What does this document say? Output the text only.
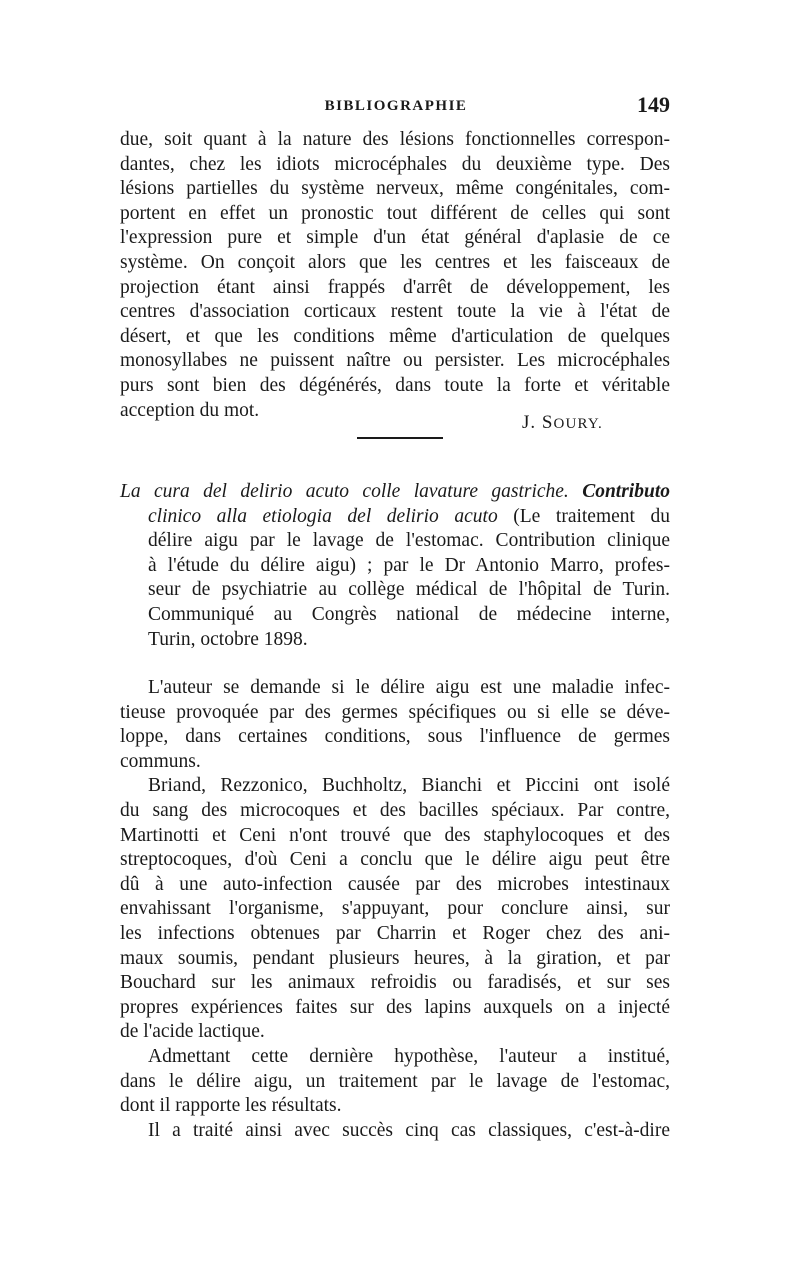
BIBLIOGRAPHIE	149
due, soit quant à la nature des lésions fonctionnelles correspon-
dantes, chez les idiots microcéphales du deuxième type. Des
lésions partielles du système nerveux, même congénitales, com-
portent en effet un pronostic tout différent de celles qui sont
l'expression pure et simple d'un état général d'aplasie de ce
système. On conçoit alors que les centres et les faisceaux de
projection étant ainsi frappés d'arrêt de développement, les
centres d'association corticaux restent toute la vie à l'état de
désert, et que les conditions même d'articulation de quelques
monosyllabes ne puissent naître ou persister. Les microcéphales
purs sont bien des dégénérés, dans toute la forte et véritable
acception du mot.
J. SOURY.
La cura del delirio acuto colle lavature gastriche. Contributo
clinico alla etiologia del delirio acuto (Le traitement du
délire aigu par le lavage de l'estomac. Contribution clinique
à l'étude du délire aigu) ; par le Dr Antonio Marro, profes-
seur de psychiatrie au collège médical de l'hôpital de Turin.
Communiqué au Congrès national de médecine interne,
Turin, octobre 1898.
L'auteur se demande si le délire aigu est une maladie infec-
tieuse provoquée par des germes spécifiques ou si elle se déve-
loppe, dans certaines conditions, sous l'influence de germes
communs.
Briand, Rezzonico, Buchholtz, Bianchi et Piccini ont isolé
du sang des microcoques et des bacilles spéciaux. Par contre,
Martinotti et Ceni n'ont trouvé que des staphylocoques et des
streptocoques, d'où Ceni a conclu que le délire aigu peut être
dû à une auto-infection causée par des microbes intestinaux
envahissant l'organisme, s'appuyant, pour conclure ainsi, sur
les infections obtenues par Charrin et Roger chez des ani-
maux soumis, pendant plusieurs heures, à la giration, et par
Bouchard sur les animaux refroidis ou faradisés, et sur ses
propres expériences faites sur des lapins auxquels on a injecté
de l'acide lactique.
Admettant cette dernière hypothèse, l'auteur a institué,
dans le délire aigu, un traitement par le lavage de l'estomac,
dont il rapporte les résultats.
Il a traité ainsi avec succès cinq cas classiques, c'est-à-dire
